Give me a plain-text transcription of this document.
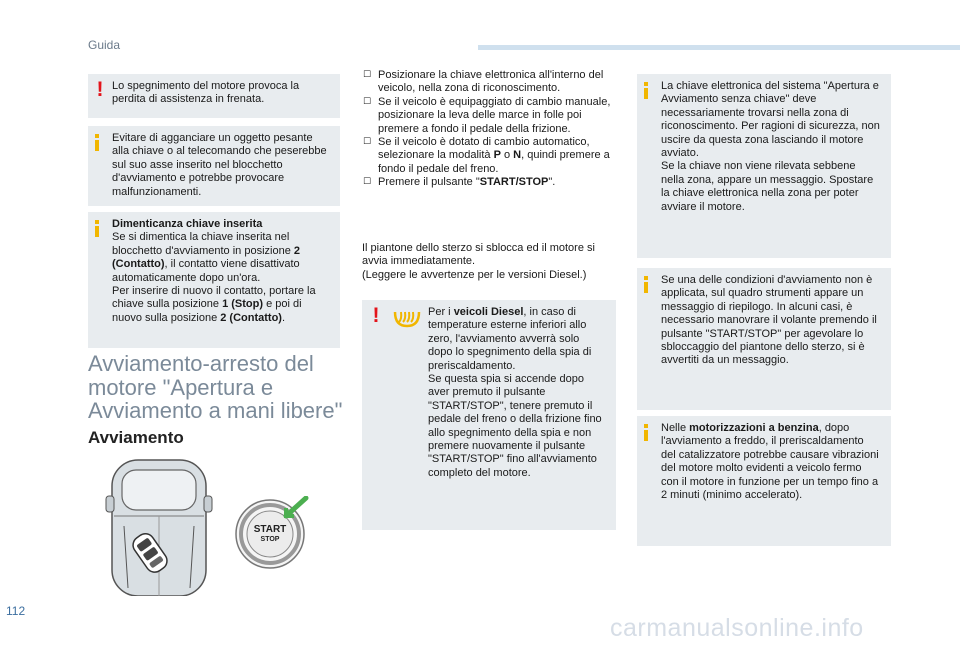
Guida
! Lo spegnimento del motore provoca la perdita di assistenza in frenata.

Evitare di agganciare un oggetto pesante alla chiave o al telecomando che peserebbe sul suo asse inserito nel blocchetto d'avviamento e potrebbe provocare malfunzionamenti.

Dimenticanza chiave inserita

Se si dimentica la chiave inserita nel blocchetto d'avviamento in posizione 2 (Contatto), il contatto viene disattivato automaticamente dopo un'ora.

Per inserire di nuovo il contatto, portare la chiave sulla posizione 1 (Stop) e poi di nuovo sulla posizione 2 (Contatto).

Avviamento-arresto del motore "Apertura e Avviamento a mani libere"
Avviamento
START
STOP
☐ Posizionare la chiave elettronica all'interno del veicolo, nella zona di riconoscimento.
☐ Se il veicolo è equipaggiato di cambio manuale, posizionare la leva delle marce in folle poi premere a fondo il pedale della frizione.
☐ Se il veicolo è dotato di cambio automatico, selezionare la modalità P o N, quindi premere a fondo il pedale del freno.
☐ Premere il pulsante "START/STOP".

Il piantone dello sterzo si sblocca ed il motore si avvia immediatamente.

(Leggere le avvertenze per le versioni Diesel.)

!	Per i veicoli Diesel, in caso di temperature esterne inferiori allo zero, l'avviamento avverrà solo dopo lo spegnimento della spia di preriscaldamento.

Se questa spia si accende dopo aver premuto il pulsante "START/STOP", tenere premuto il pedale del freno o della frizione fino allo spegnimento della spia e non premere nuovamente il pulsante "START/STOP" fino all'avviamento completo del motore.

La chiave elettronica del sistema "Apertura e Avviamento senza chiave" deve necessariamente trovarsi nella zona di riconoscimento. Per ragioni di sicurezza, non uscire da questa zona lasciando il motore avviato.

Se la chiave non viene rilevata sebbene nella zona, appare un messaggio. Spostare la chiave elettronica nella zona per poter avviare il motore.

Se una delle condizioni d'avviamento non è applicata, sul quadro strumenti appare un messaggio di riepilogo. In alcuni casi, è necessario manovrare il volante premendo il pulsante "START/STOP" per agevolare lo sbloccaggio del piantone dello sterzo, si è avvertiti da un messaggio.

Nelle motorizzazioni a benzina, dopo l'avviamento a freddo, il preriscaldamento del catalizzatore potrebbe causare vibrazioni del motore molto evidenti a veicolo fermo con il motore in funzione per un tempo fino a 2 minuti (minimo accelerato).

112
carmanualsonline.info
